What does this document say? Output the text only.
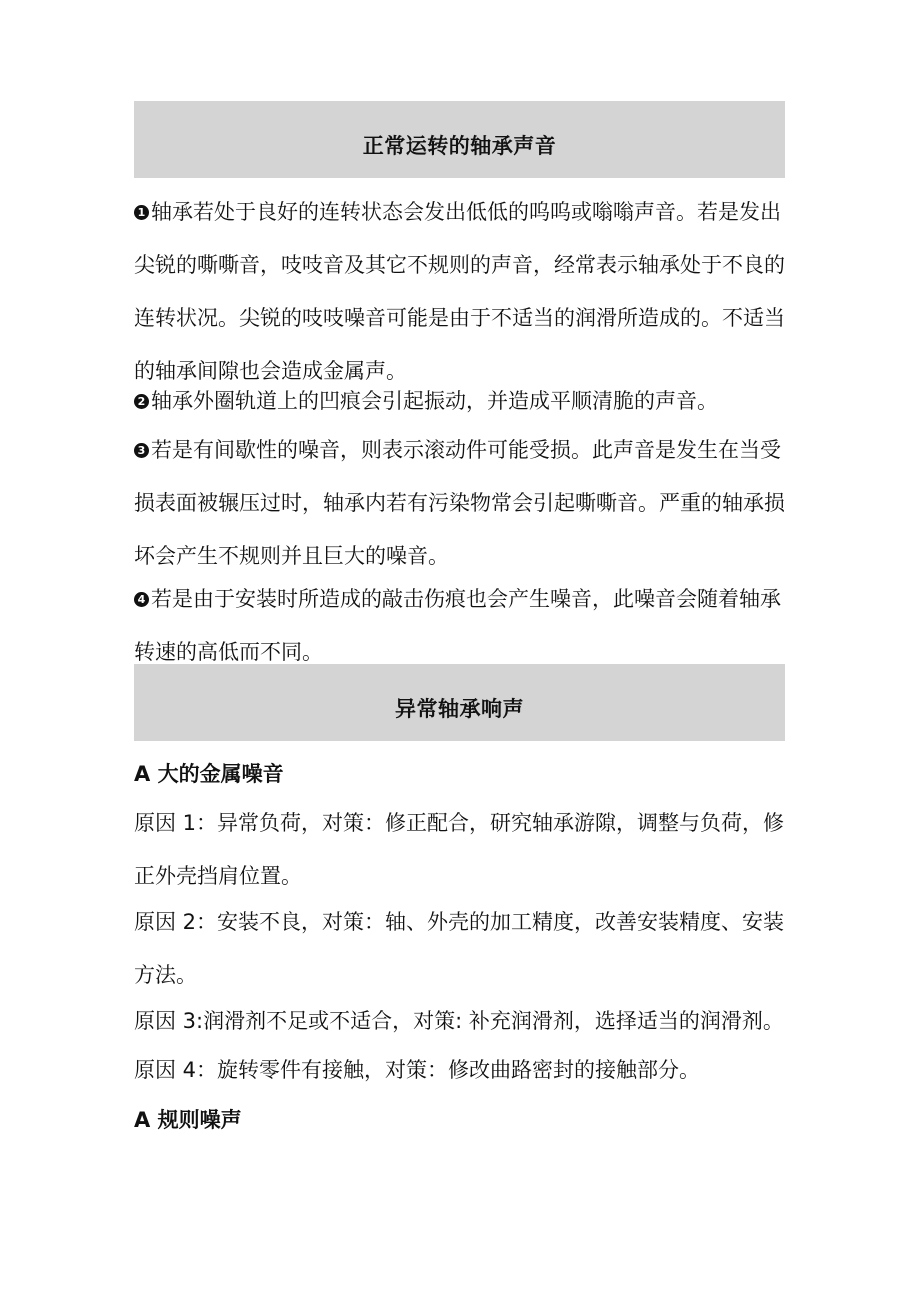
正常运转的轴承声音

1 轴承若处于良好的连转状态会发出低低的呜呜或嗡嗡声音。若是发出尖锐的嘶嘶音，吱吱音及其它不规则的声音，经常表示轴承处于不良的连转状况。尖锐的吱吱噪音可能是由于不适当的润滑所造成的。不适当的轴承间隙也会造成金属声。

2 轴承外圈轨道上的凹痕会引起振动，并造成平顺清脆的声音。

3 若是有间歇性的噪音，则表示滚动件可能受损。此声音是发生在当受损表面被辗压过时，轴承内若有污染物常会引起嘶嘶音。严重的轴承损坏会产生不规则并且巨大的噪音。

4 若是由于安装时所造成的敲击伤痕也会产生噪音，此噪音会随着轴承转速的高低而不同。

异常轴承响声

A 大的金属噪音

原因 1：异常负荷，对策：修正配合，研究轴承游隙，调整与负荷，修正外壳挡肩位置。

原因 2：安装不良，对策：轴、外壳的加工精度，改善安装精度、安装方法。

原因 3:润滑剂不足或不适合，对策: 补充润滑剂，选择适当的润滑剂。

原因 4：旋转零件有接触，对策：修改曲路密封的接触部分。

A 规则噪声
